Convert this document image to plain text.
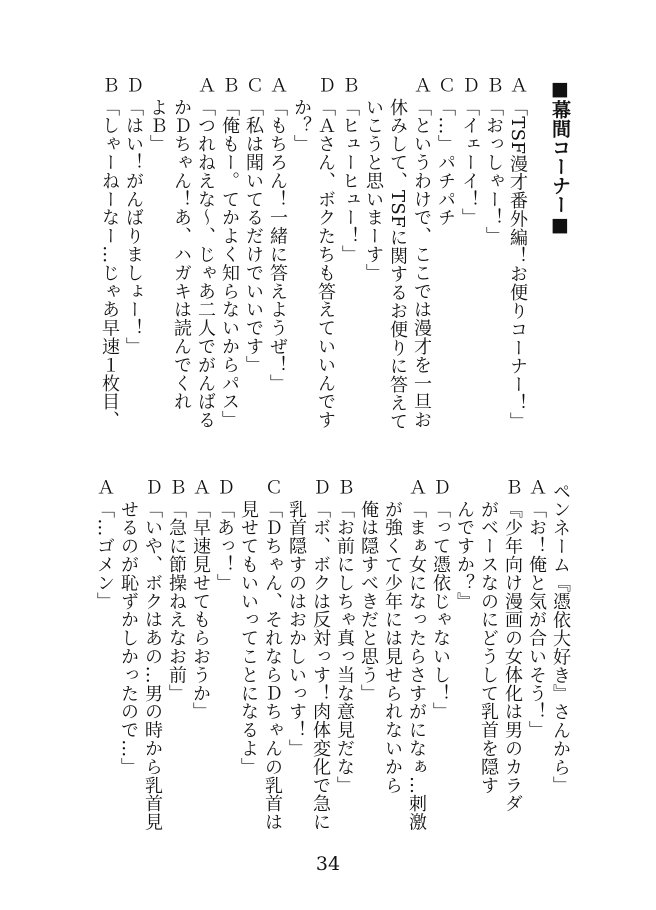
■幕間コーナー■
Ａ
「TSF漫才番外編！お便りコーナー！」
Ｂ
「おっしゃー！」
Ｄ
「イェーイ！」
Ｃ
「…」パチパチ
Ａ
「というわけで、ここでは漫才を一旦お
休みして、TSFに関するお便りに答えて
いこうと思いまーす」
Ｂ
「ヒューヒュー！」
Ｄ
「Ａさん、ボクたちも答えていいんです
か？」
Ａ
「もちろん！一緒に答えようぜ！」
Ｃ
「私は聞いてるだけでいいです」
Ｂ
「俺もー。てかよく知らないからパス」
Ａ
「つれねえな～、じゃあ二人でがんばる
かＤちゃん！あ、ハガキは読んでくれ
よＢ」
Ｄ
「はい！がんばりましょー！」
Ｂ
「しゃーねーなー…じゃあ早速１枚目、
ペンネーム『憑依大好き』さんから」
Ａ
「お！俺と気が合いそう！」
Ｂ
『少年向け漫画の女体化は男のカラダ
がベースなのにどうして乳首を隠す
んですか？』
Ｄ
「って憑依じゃないし！」
Ａ
「まぁ女になったらさすがになぁ…刺激
が強くて少年には見せられないから
俺は隠すべきだと思う」
Ｂ
「お前にしちゃ真っ当な意見だな」
Ｄ
「ボ、ボクは反対っす！肉体変化で急に
乳首隠すのはおかしいっす！」
Ｃ
「Ｄちゃん、それならＤちゃんの乳首は
見せてもいいってことになるよ」
Ｄ
「あっ！」
Ａ
「早速見せてもらおうか」
Ｂ
「急に節操ねえなお前」
Ｄ
「いや、ボクはあの…男の時から乳首見
せるのが恥ずかしかったので…」
Ａ
「…ゴメン」
34
